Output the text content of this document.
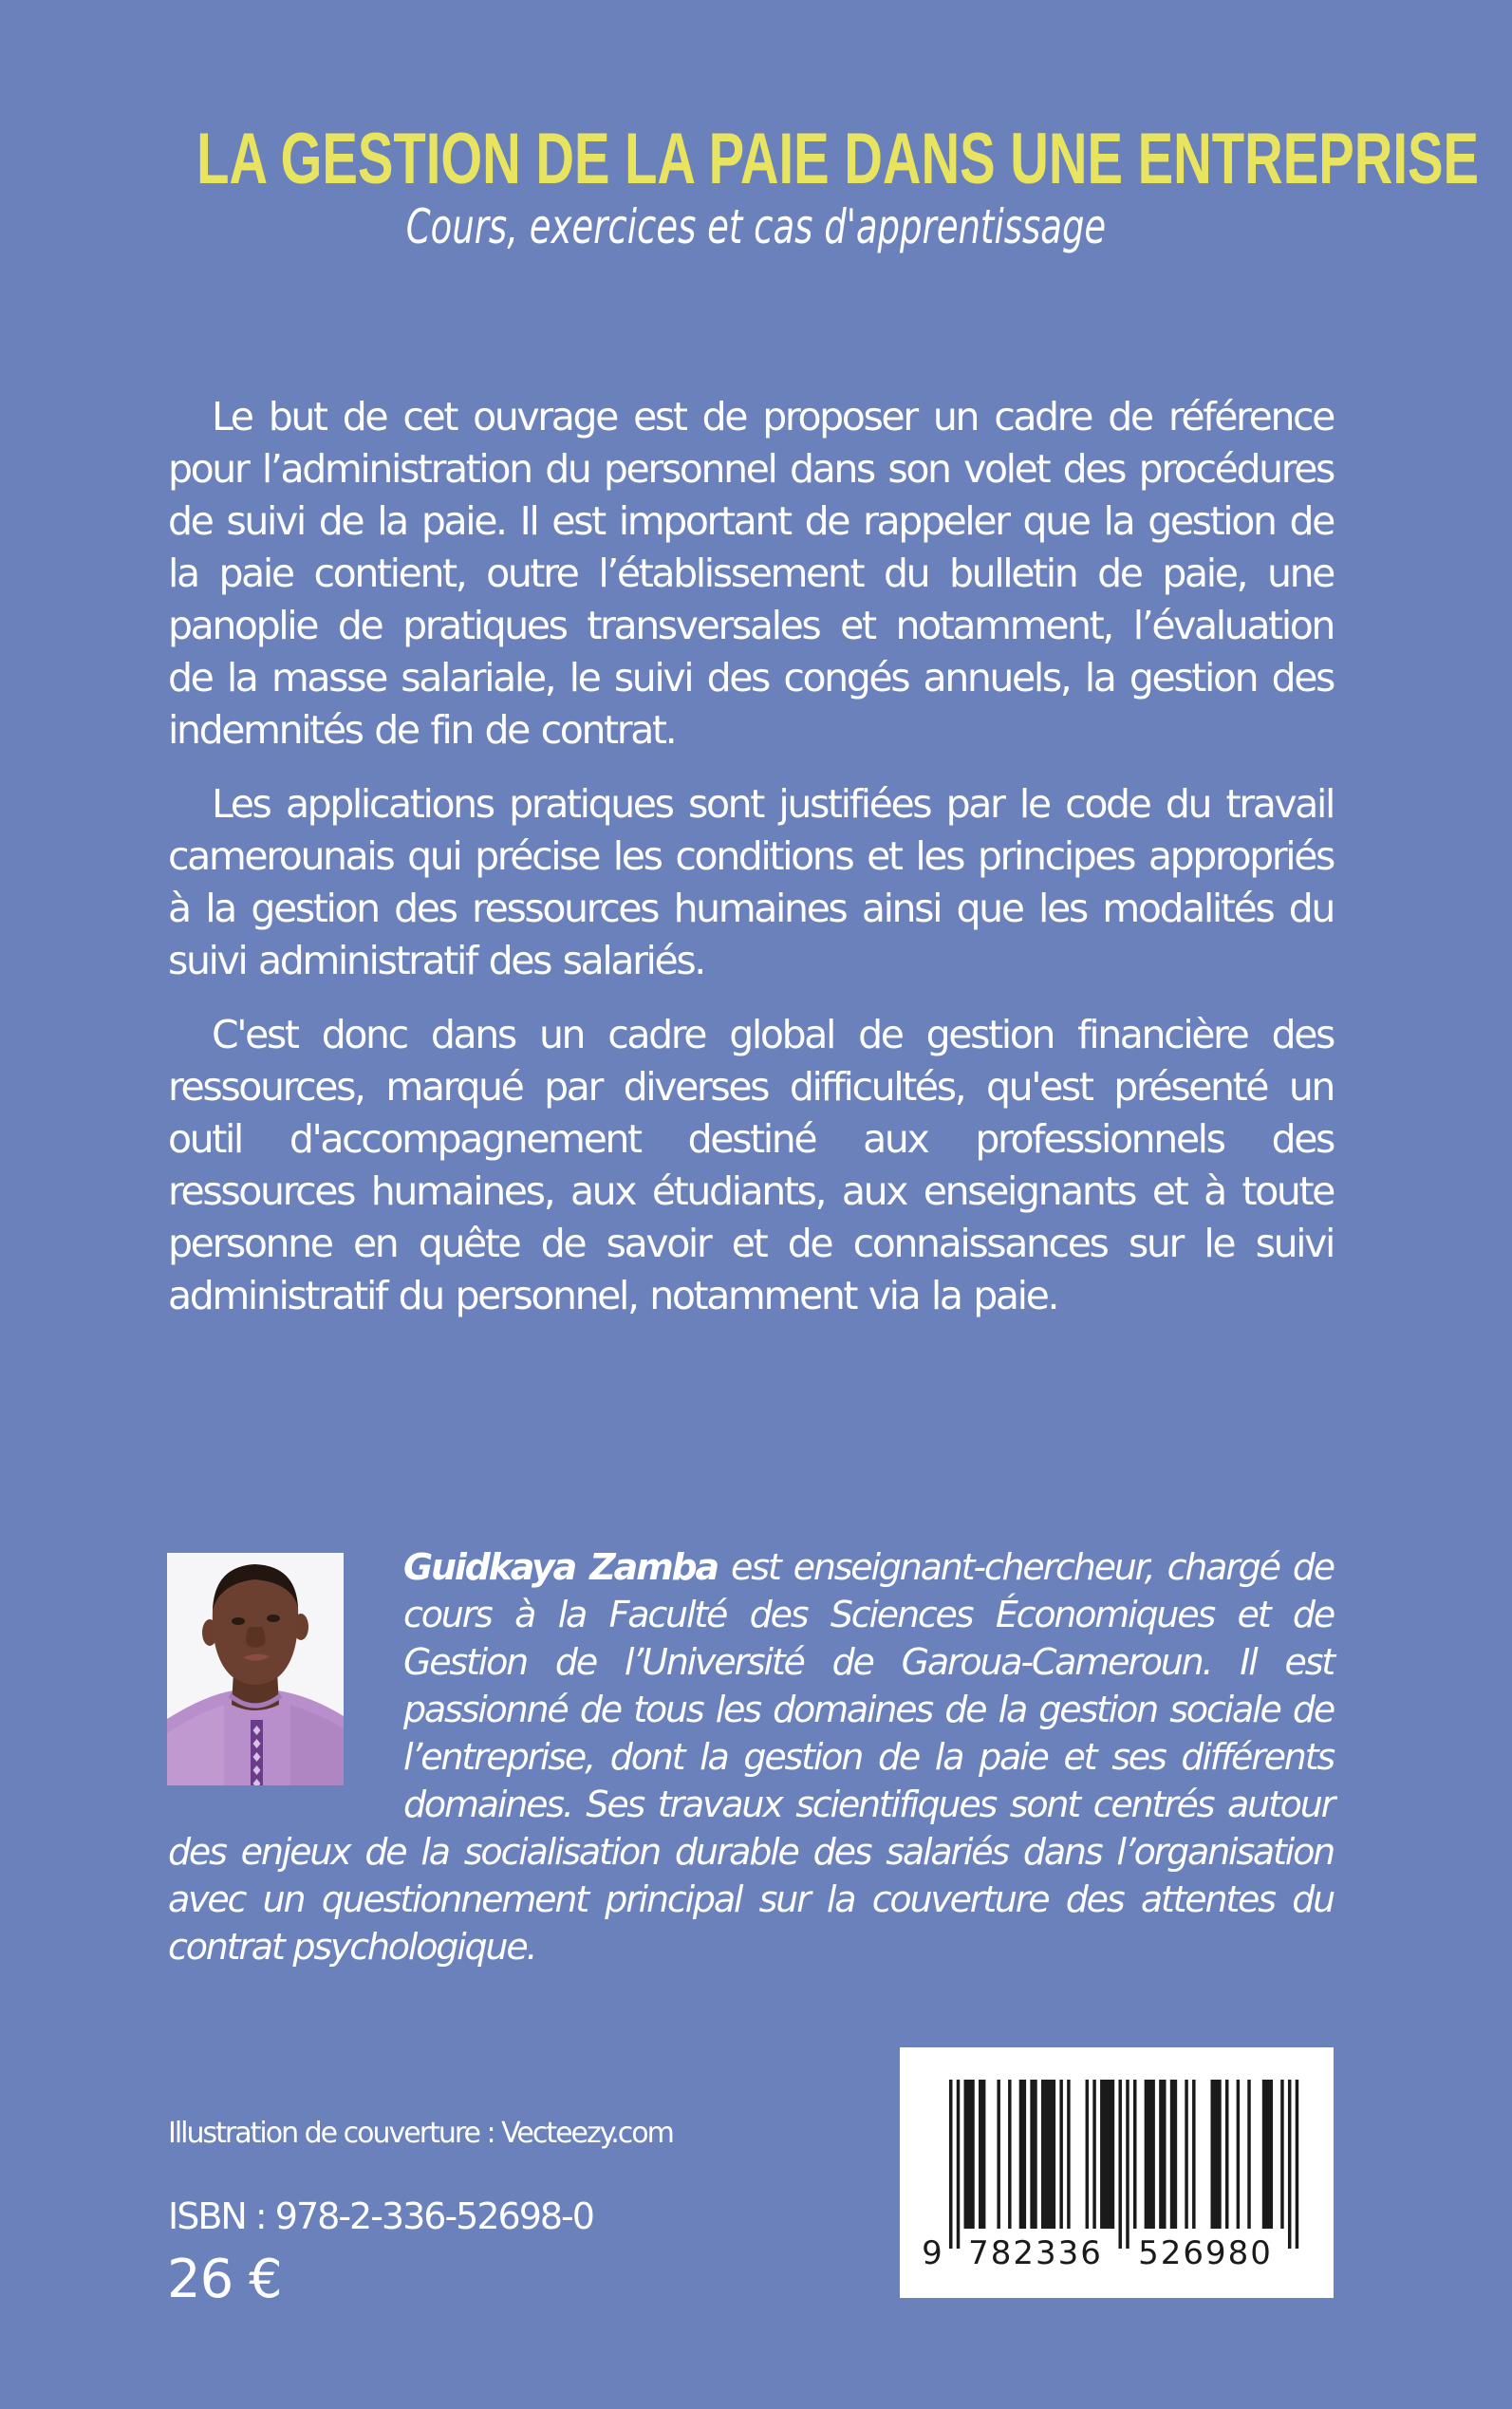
LA GESTION DE LA PAIE DANS UNE ENTREPRISE
Cours, exercices et cas d'apprentissage

Le but de cet ouvrage est de proposer un cadre de référence pour l’administration du personnel dans son volet des procédures de suivi de la paie. Il est important de rappeler que la gestion de la paie contient, outre l’établissement du bulletin de paie, une panoplie de pratiques transversales et notamment, l’évaluation de la masse salariale, le suivi des congés annuels, la gestion des indemnités de fin de contrat.

Les applications pratiques sont justifiées par le code du travail camerounais qui précise les conditions et les principes appropriés à la gestion des ressources humaines ainsi que les modalités du suivi administratif des salariés.

C'est donc dans un cadre global de gestion financière des ressources, marqué par diverses difficultés, qu'est présenté un outil d'accompagnement destiné aux professionnels des ressources humaines, aux étudiants, aux enseignants et à toute personne en quête de savoir et de connaissances sur le suivi administratif du personnel, notamment via la paie.

Guidkaya Zamba est enseignant-chercheur, chargé de cours à la Faculté des Sciences Économiques et de Gestion de l’Université de Garoua-Cameroun. Il est passionné de tous les domaines de la gestion sociale de l’entreprise, dont la gestion de la paie et ses différents domaines. Ses travaux scientifiques sont centrés autour des enjeux de la socialisation durable des salariés dans l’organisation avec un questionnement principal sur la couverture des attentes du contrat psychologique.
Illustration de couverture : Vecteezy.com
ISBN : 978-2-336-52698-0
26 €	9 782336 526980
